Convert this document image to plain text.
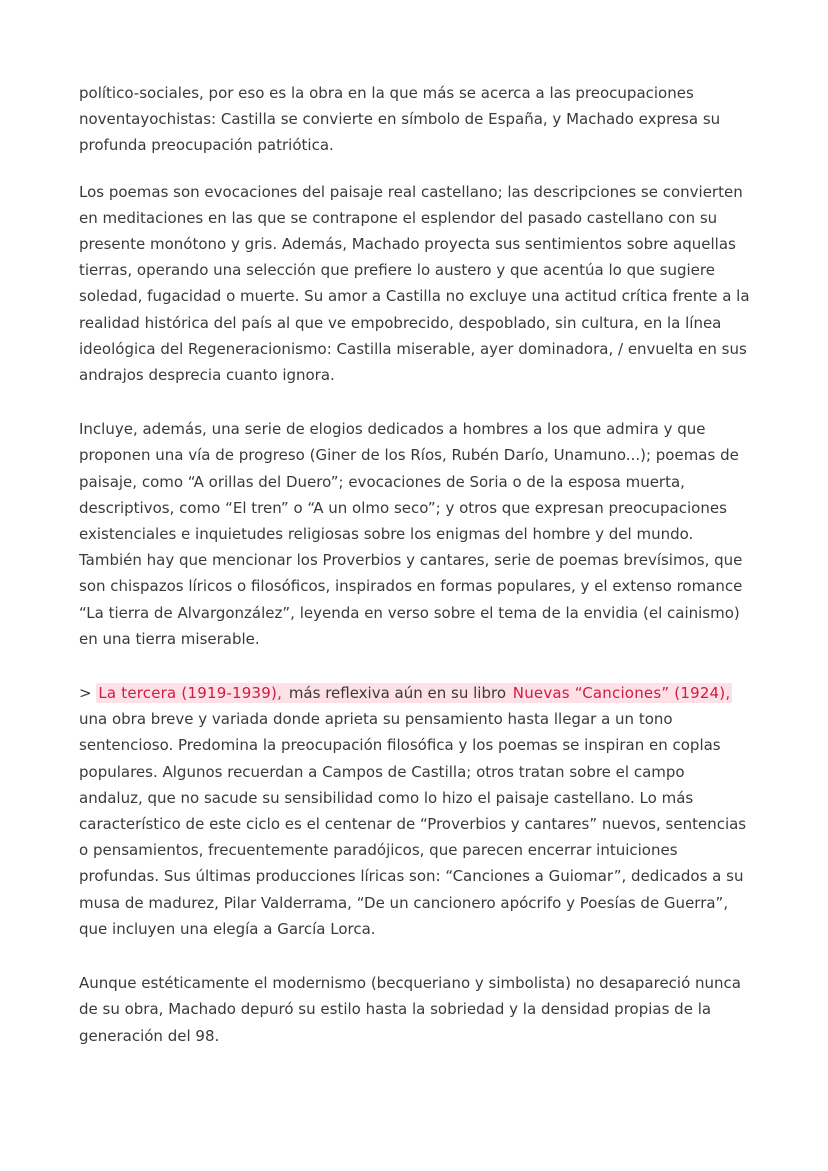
político-sociales, por eso es la obra en la que más se acerca a las preocupaciones noventayochistas: Castilla se convierte en símbolo de España, y Machado expresa su profunda preocupación patriótica.

Los poemas son evocaciones del paisaje real castellano; las descripciones se convierten en meditaciones en las que se contrapone el esplendor del pasado castellano con su presente monótono y gris. Además, Machado proyecta sus sentimientos sobre aquellas tierras, operando una selección que prefiere lo austero y que acentúa lo que sugiere soledad, fugacidad o muerte. Su amor a Castilla no excluye una actitud crítica frente a la realidad histórica del país al que ve empobrecido, despoblado, sin cultura, en la línea ideológica del Regeneracionismo: Castilla miserable, ayer dominadora, / envuelta en sus andrajos desprecia cuanto ignora.

Incluye, además, una serie de elogios dedicados a hombres a los que admira y que proponen una vía de progreso (Giner de los Ríos, Rubén Darío, Unamuno...); poemas de paisaje, como “A orillas del Duero”; evocaciones de Soria o de la esposa muerta, descriptivos, como “El tren” o “A un olmo seco”; y otros que expresan preocupaciones existenciales e inquietudes religiosas sobre los enigmas del hombre y del mundo. También hay que mencionar los Proverbios y cantares, serie de poemas brevísimos, que son chispazos líricos o filosóficos, inspirados en formas populares, y el extenso romance “La tierra de Alvargonzález”, leyenda en verso sobre el tema de la envidia (el cainismo) en una tierra miserable.

> La tercera (1919-1939), más reflexiva aún en su libro Nuevas “Canciones” (1924), una obra breve y variada donde aprieta su pensamiento hasta llegar a un tono sentencioso. Predomina la preocupación filosófica y los poemas se inspiran en coplas populares. Algunos recuerdan a Campos de Castilla; otros tratan sobre el campo andaluz, que no sacude su sensibilidad como lo hizo el paisaje castellano. Lo más característico de este ciclo es el centenar de “Proverbios y cantares” nuevos, sentencias o pensamientos, frecuentemente paradójicos, que parecen encerrar intuiciones profundas. Sus últimas producciones líricas son: “Canciones a Guiomar”, dedicados a su musa de madurez, Pilar Valderrama, “De un cancionero apócrifo y Poesías de Guerra”, que incluyen una elegía a García Lorca.

Aunque estéticamente el modernismo (becqueriano y simbolista) no desapareció nunca de su obra, Machado depuró su estilo hasta la sobriedad y la densidad propias de la generación del 98.
